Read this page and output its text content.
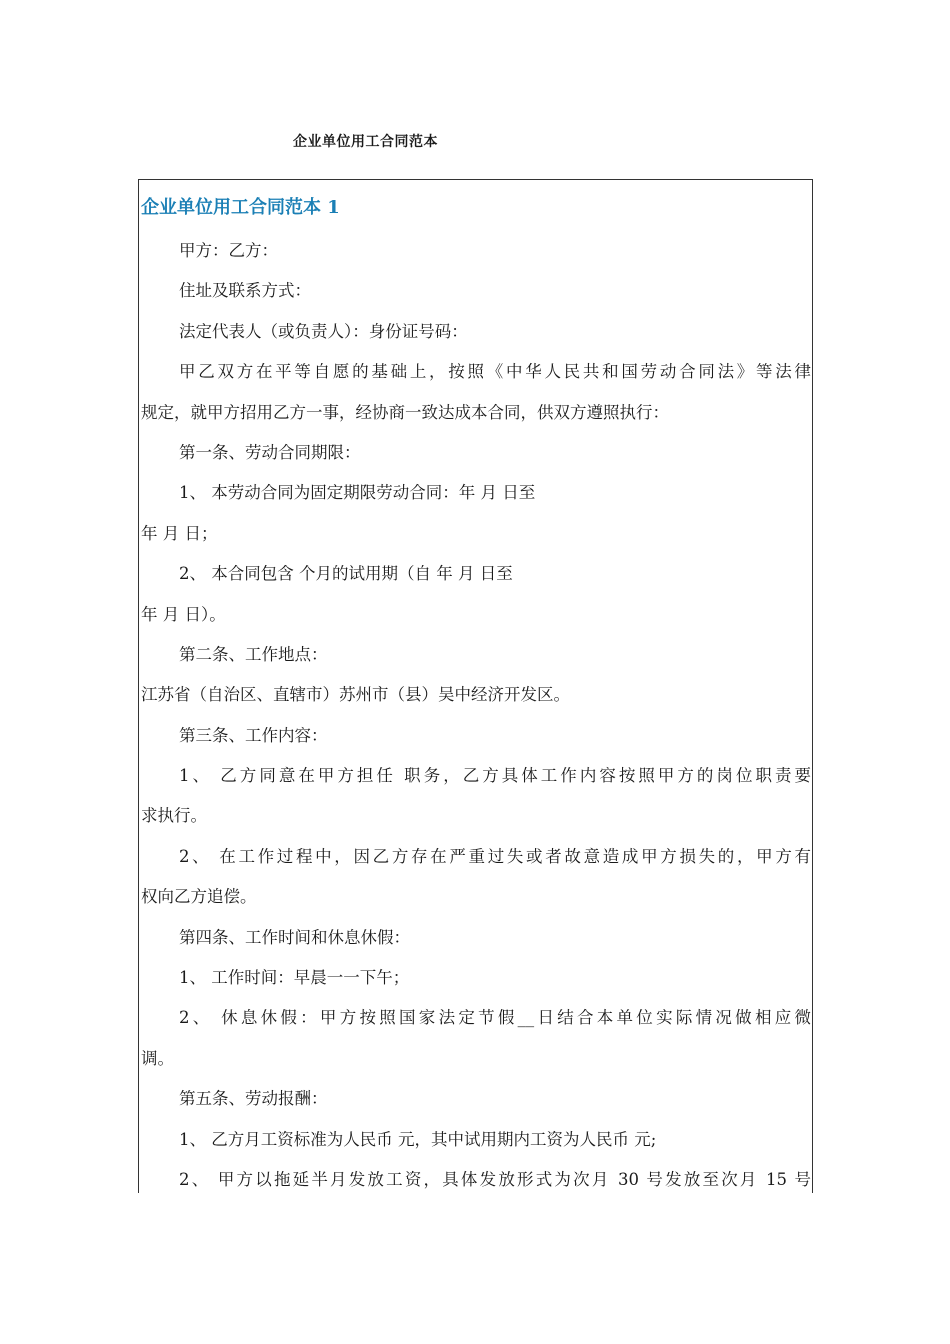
企业单位用工合同范本
企业单位用工合同范本 1
甲方：乙方：
住址及联系方式：
法定代表人（或负责人）：身份证号码：
甲乙双方在平等自愿的基础上，按照《中华人民共和国劳动合同法》等法律
规定，就甲方招用乙方一事，经协商一致达成本合同，供双方遵照执行：
第一条、劳动合同期限：
1、 本劳动合同为固定期限劳动合同：年 月 日至
年 月 日；
2、 本合同包含 个月的试用期（自 年 月 日至
年 月 日）。
第二条、工作地点：
江苏省（自治区、直辖市）苏州市（县）吴中经济开发区。
第三条、工作内容：
1、 乙方同意在甲方担任 职务，乙方具体工作内容按照甲方的岗位职责要
求执行。
2、 在工作过程中，因乙方存在严重过失或者故意造成甲方损失的，甲方有
权向乙方追偿。
第四条、工作时间和休息休假：
1、 工作时间：早晨一一下午；
2、 休息休假：甲方按照国家法定节假__日结合本单位实际情况做相应微
调。
第五条、劳动报酬：
1、 乙方月工资标准为人民币 元，其中试用期内工资为人民币 元;
2、 甲方以拖延半月发放工资，具体发放形式为次月 30 号发放至次月 15 号
